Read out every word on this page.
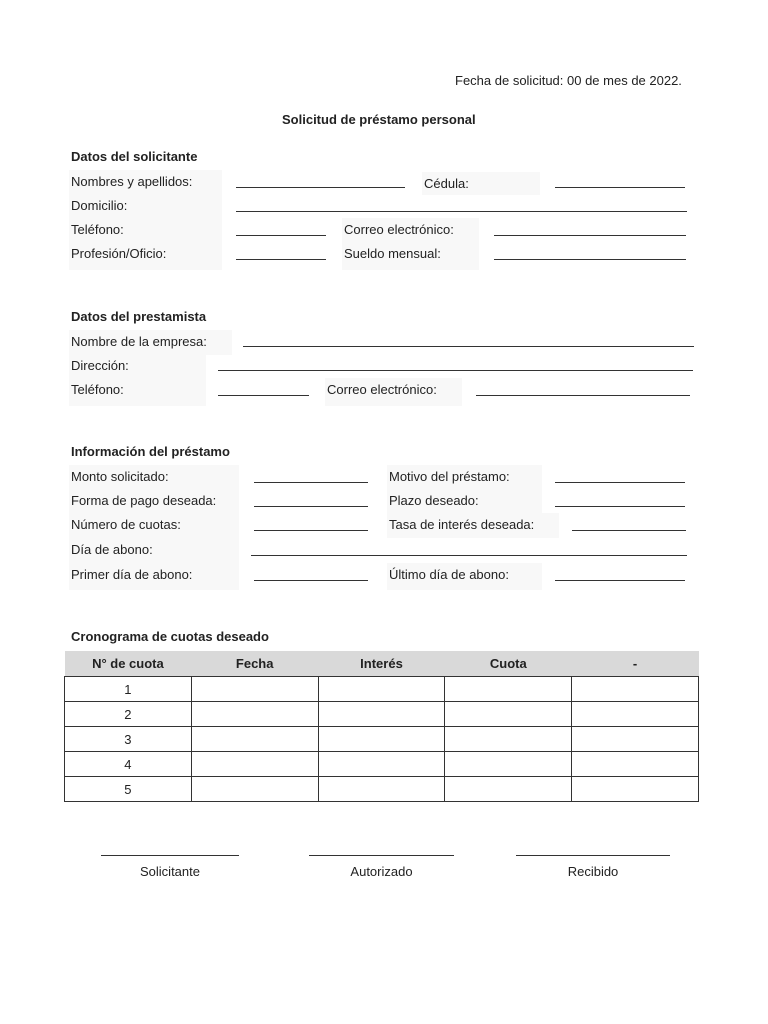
Fecha de solicitud: 00 de mes de 2022.
Solicitud de préstamo personal
Datos del solicitante
Nombres y apellidos:	Cédula:
Domicilio:
Teléfono:	Correo electrónico:
Profesión/Oficio:	Sueldo mensual:
Datos del prestamista
Nombre de la empresa:
Dirección:
Teléfono:	Correo electrónico:
Información del préstamo
Monto solicitado:	Motivo del préstamo:
Forma de pago deseada:	Plazo deseado:
Número de cuotas:	Tasa de interés deseada:
Día de abono:
Primer día de abono:	Último día de abono:
Cronograma de cuotas deseado
N° de cuota	Fecha	Interés	Cuota	-
1				
2				
3				
4				
5				
Solicitante	Autorizado	Recibido
